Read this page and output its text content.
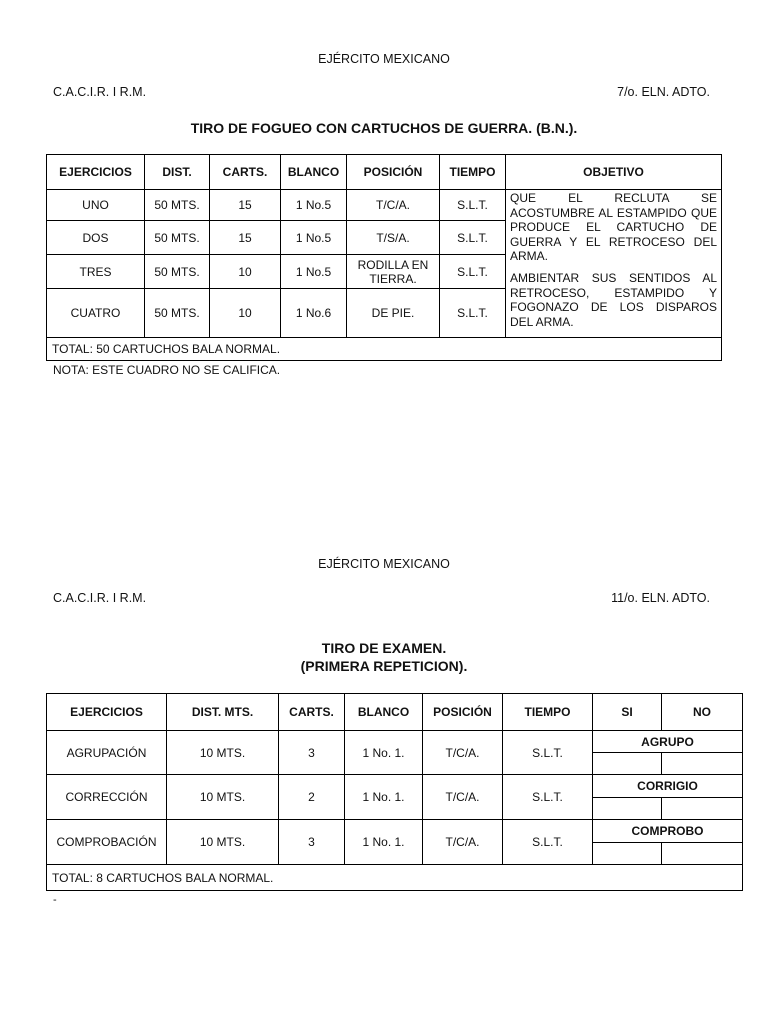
EJÉRCITO MEXICANO
C.A.C.I.R. I R.M.	7/o. ELN. ADTO.
TIRO DE FOGUEO CON CARTUCHOS DE GUERRA. (B.N.).
EJERCICIOS	DIST.	CARTS.	BLANCO	POSICIÓN	TIEMPO	OBJETIVO
UNO	50 MTS.	15	1 No.5	T/C/A.	S.L.T.	QUE EL RECLUTA SE ACOSTUMBRE AL ESTAMPIDO QUE PRODUCE EL CARTUCHO DE GUERRA Y EL RETROCESO DEL ARMA.

AMBIENTAR SUS SENTIDOS AL RETROCESO, ESTAMPIDO Y FOGONAZO DE LOS DISPAROS DEL ARMA.

DOS	50 MTS.	15	1 No.5	T/S/A.	S.L.T.	
TRES	50 MTS.	10	1 No.5	RODILLA EN TIERRA.	S.L.T.	
CUATRO	50 MTS.	10	1 No.6	DE PIE.	S.L.T.	
TOTAL: 50 CARTUCHOS BALA NORMAL.						
NOTA: ESTE CUADRO NO SE CALIFICA.
EJÉRCITO MEXICANO
C.A.C.I.R. I R.M.	11/o. ELN. ADTO.
TIRO DE EXAMEN.
(PRIMERA REPETICION).
EJERCICIOS	DIST. MTS.	CARTS.	BLANCO	POSICIÓN	TIEMPO	SI	NO
AGRUPACIÓN	10 MTS.	3	1 No. 1.	T/C/A.	S.L.T.	AGRUPO	

CORRECCIÓN	10 MTS.	2	1 No. 1.	T/C/A.	S.L.T.	CORRIGIO	

COMPROBACIÓN	10 MTS.	3	1 No. 1.	T/C/A.	S.L.T.	COMPROBO	

TOTAL: 8 CARTUCHOS BALA NORMAL.							
-
